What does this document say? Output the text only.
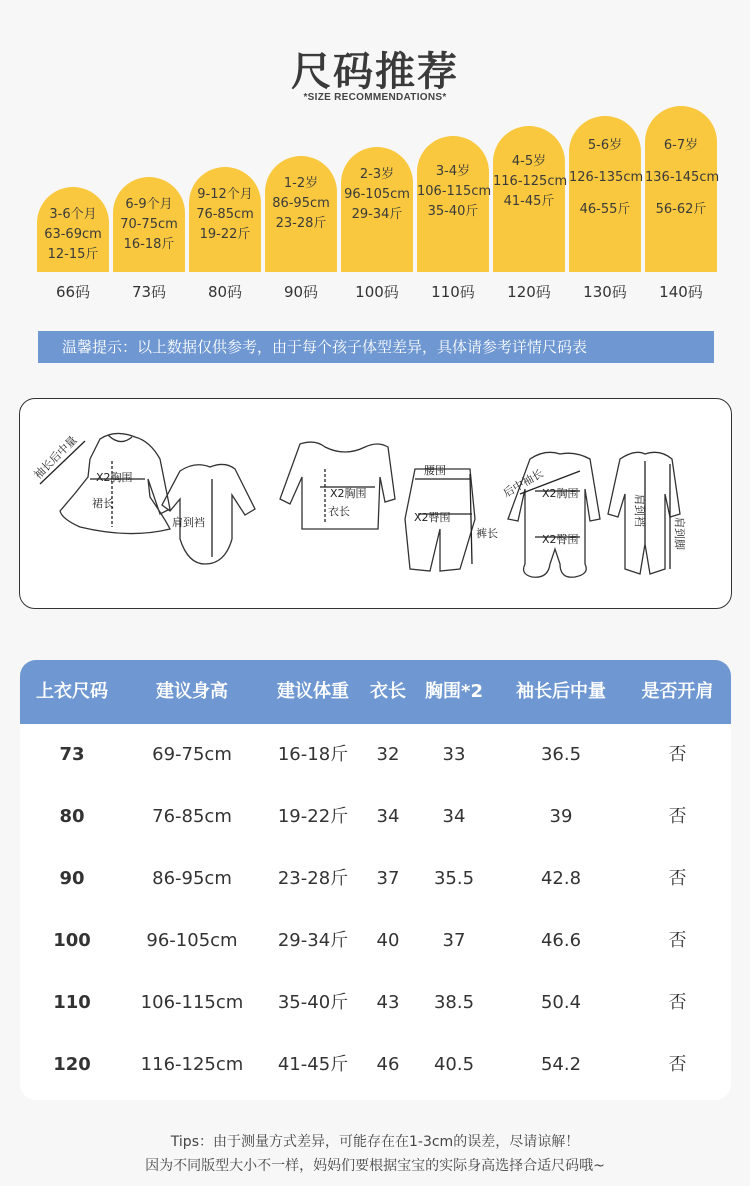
尺码推荐
*SIZE RECOMMENDATIONS*
3-6个月
63-69cm
12-15斤
66码
6-9个月
70-75cm
16-18斤
73码
9-12个月
76-85cm
19-22斤
80码
1-2岁
86-95cm
23-28斤
90码
2-3岁
96-105cm
29-34斤
100码
3-4岁
106-115cm
35-40斤
110码
4-5岁
116-125cm
41-45斤
120码
5-6岁
126-135cm
46-55斤
130码
6-7岁
136-145cm
56-62斤
140码
温馨提示：以上数据仅供参考，由于每个孩子体型差异，具体请参考详情尺码表
袖长后中量 X2胸围
裙长
肩到裆
X2胸围
衣长
腰围
X2臀围
裤长
后中袖长
X2胸围
X2臀围
肩到裆
肩到脚
上衣尺码	建议身高	建议体重	衣长	胸围*2	袖长后中量	是否开肩
73	69-75cm	16-18斤	32	33	36.5	否
80	76-85cm	19-22斤	34	34	39	否
90	86-95cm	23-28斤	37	35.5	42.8	否
100	96-105cm	29-34斤	40	37	46.6	否
110	106-115cm	35-40斤	43	38.5	50.4	否
120	116-125cm	41-45斤	46	40.5	54.2	否
Tips：由于测量方式差异，可能存在在1-3cm的误差，尽请谅解！
因为不同版型大小不一样，妈妈们要根据宝宝的实际身高选择合适尺码哦~
